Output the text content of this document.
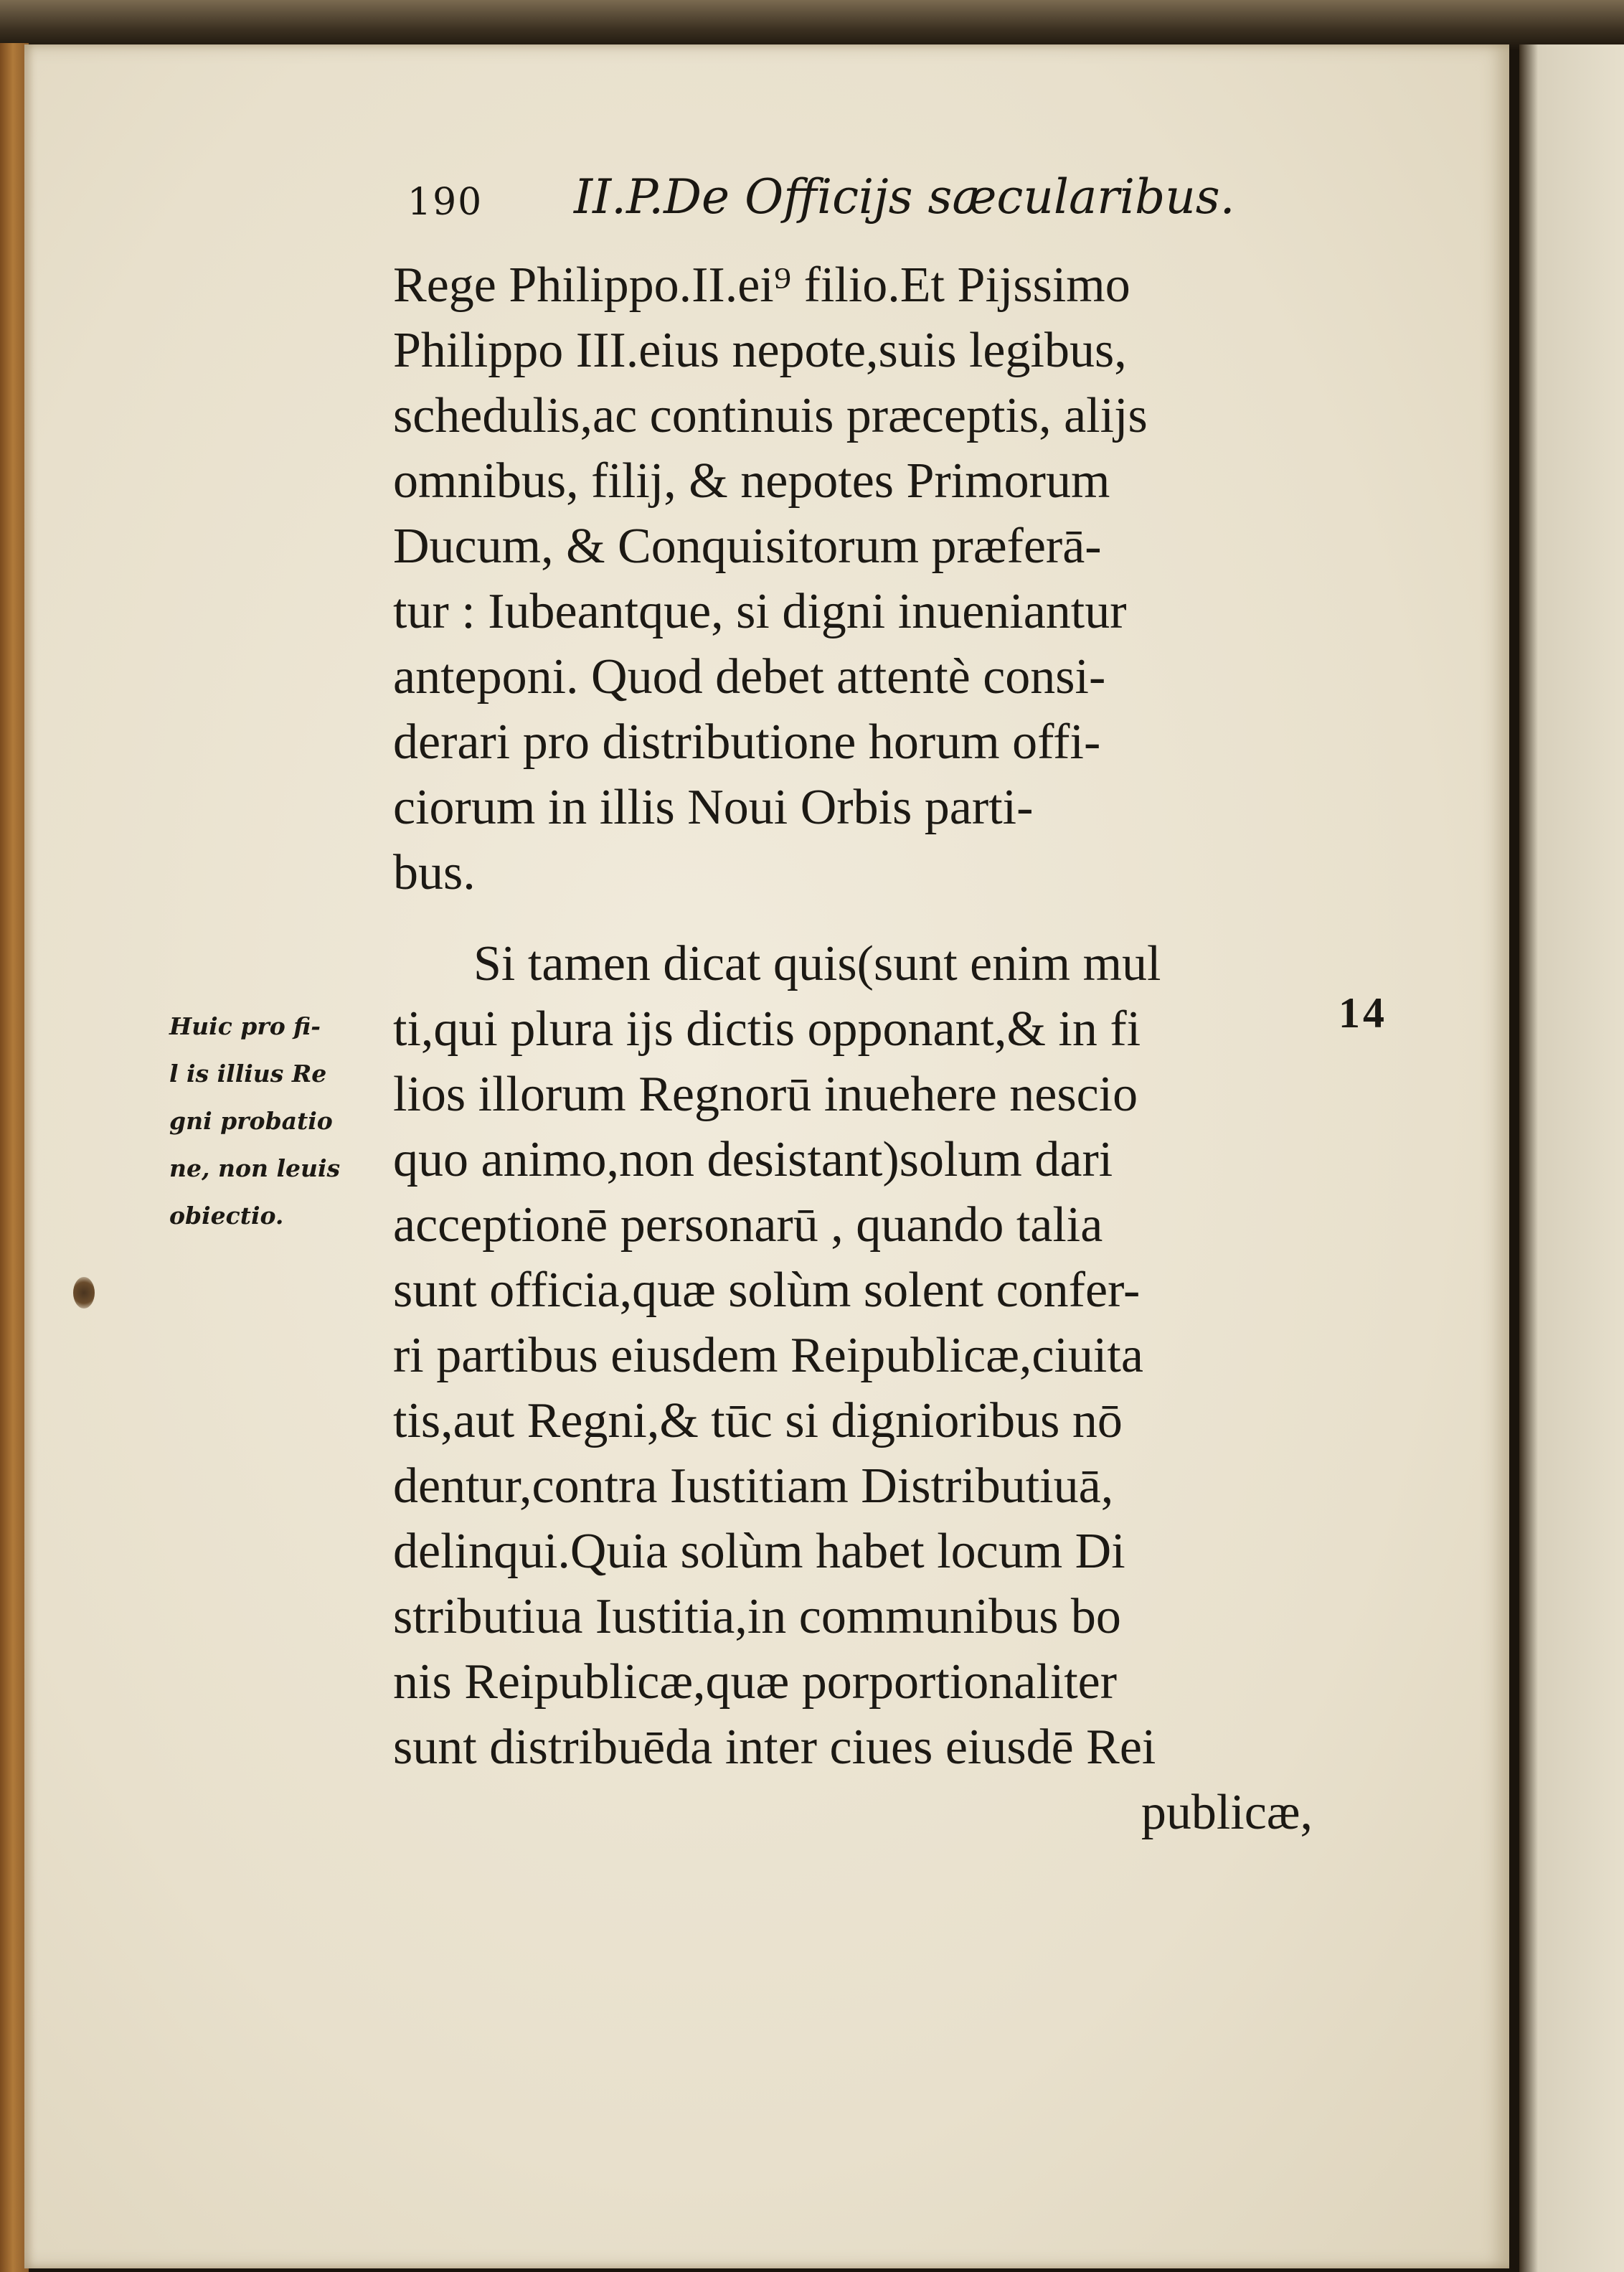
190 II.P.De Officijs sæcularibus.
Rege Philippo.II.ei⁹ filio.Et Pijssimo
Philippo III.eius nepote,suis legibus,
schedulis,ac continuis præceptis, alijs
omnibus, filij, & nepotes Primorum
Ducum, & Conquisitorum præferā-
tur : Iubeantque, si digni inueniantur
anteponi. Quod debet attentè consi-
derari pro distributione horum offi-
ciorum in illis Noui Orbis parti-
bus.
Si tamen dicat quis(sunt enim mul
ti,qui plura ijs dictis opponant,& in fi
lios illorum Regnorū inuehere nescio
quo animo,non desistant)solum dari
acceptionē personarū , quando talia
sunt officia,quæ solùm solent confer-
ri partibus eiusdem Reipublicæ,ciuita
tis,aut Regni,& tūc si dignioribus nō
dentur,contra Iustitiam Distributiuā,
delinqui.Quia solùm habet locum Di
stributiua Iustitia,in communibus bo
nis Reipublicæ,quæ porportionaliter
sunt distribuēda inter ciues eiusdē Rei
publicæ,
Huic pro fi-
l is illius Re
gni probatio
ne, non leuis
obiectio.
14
